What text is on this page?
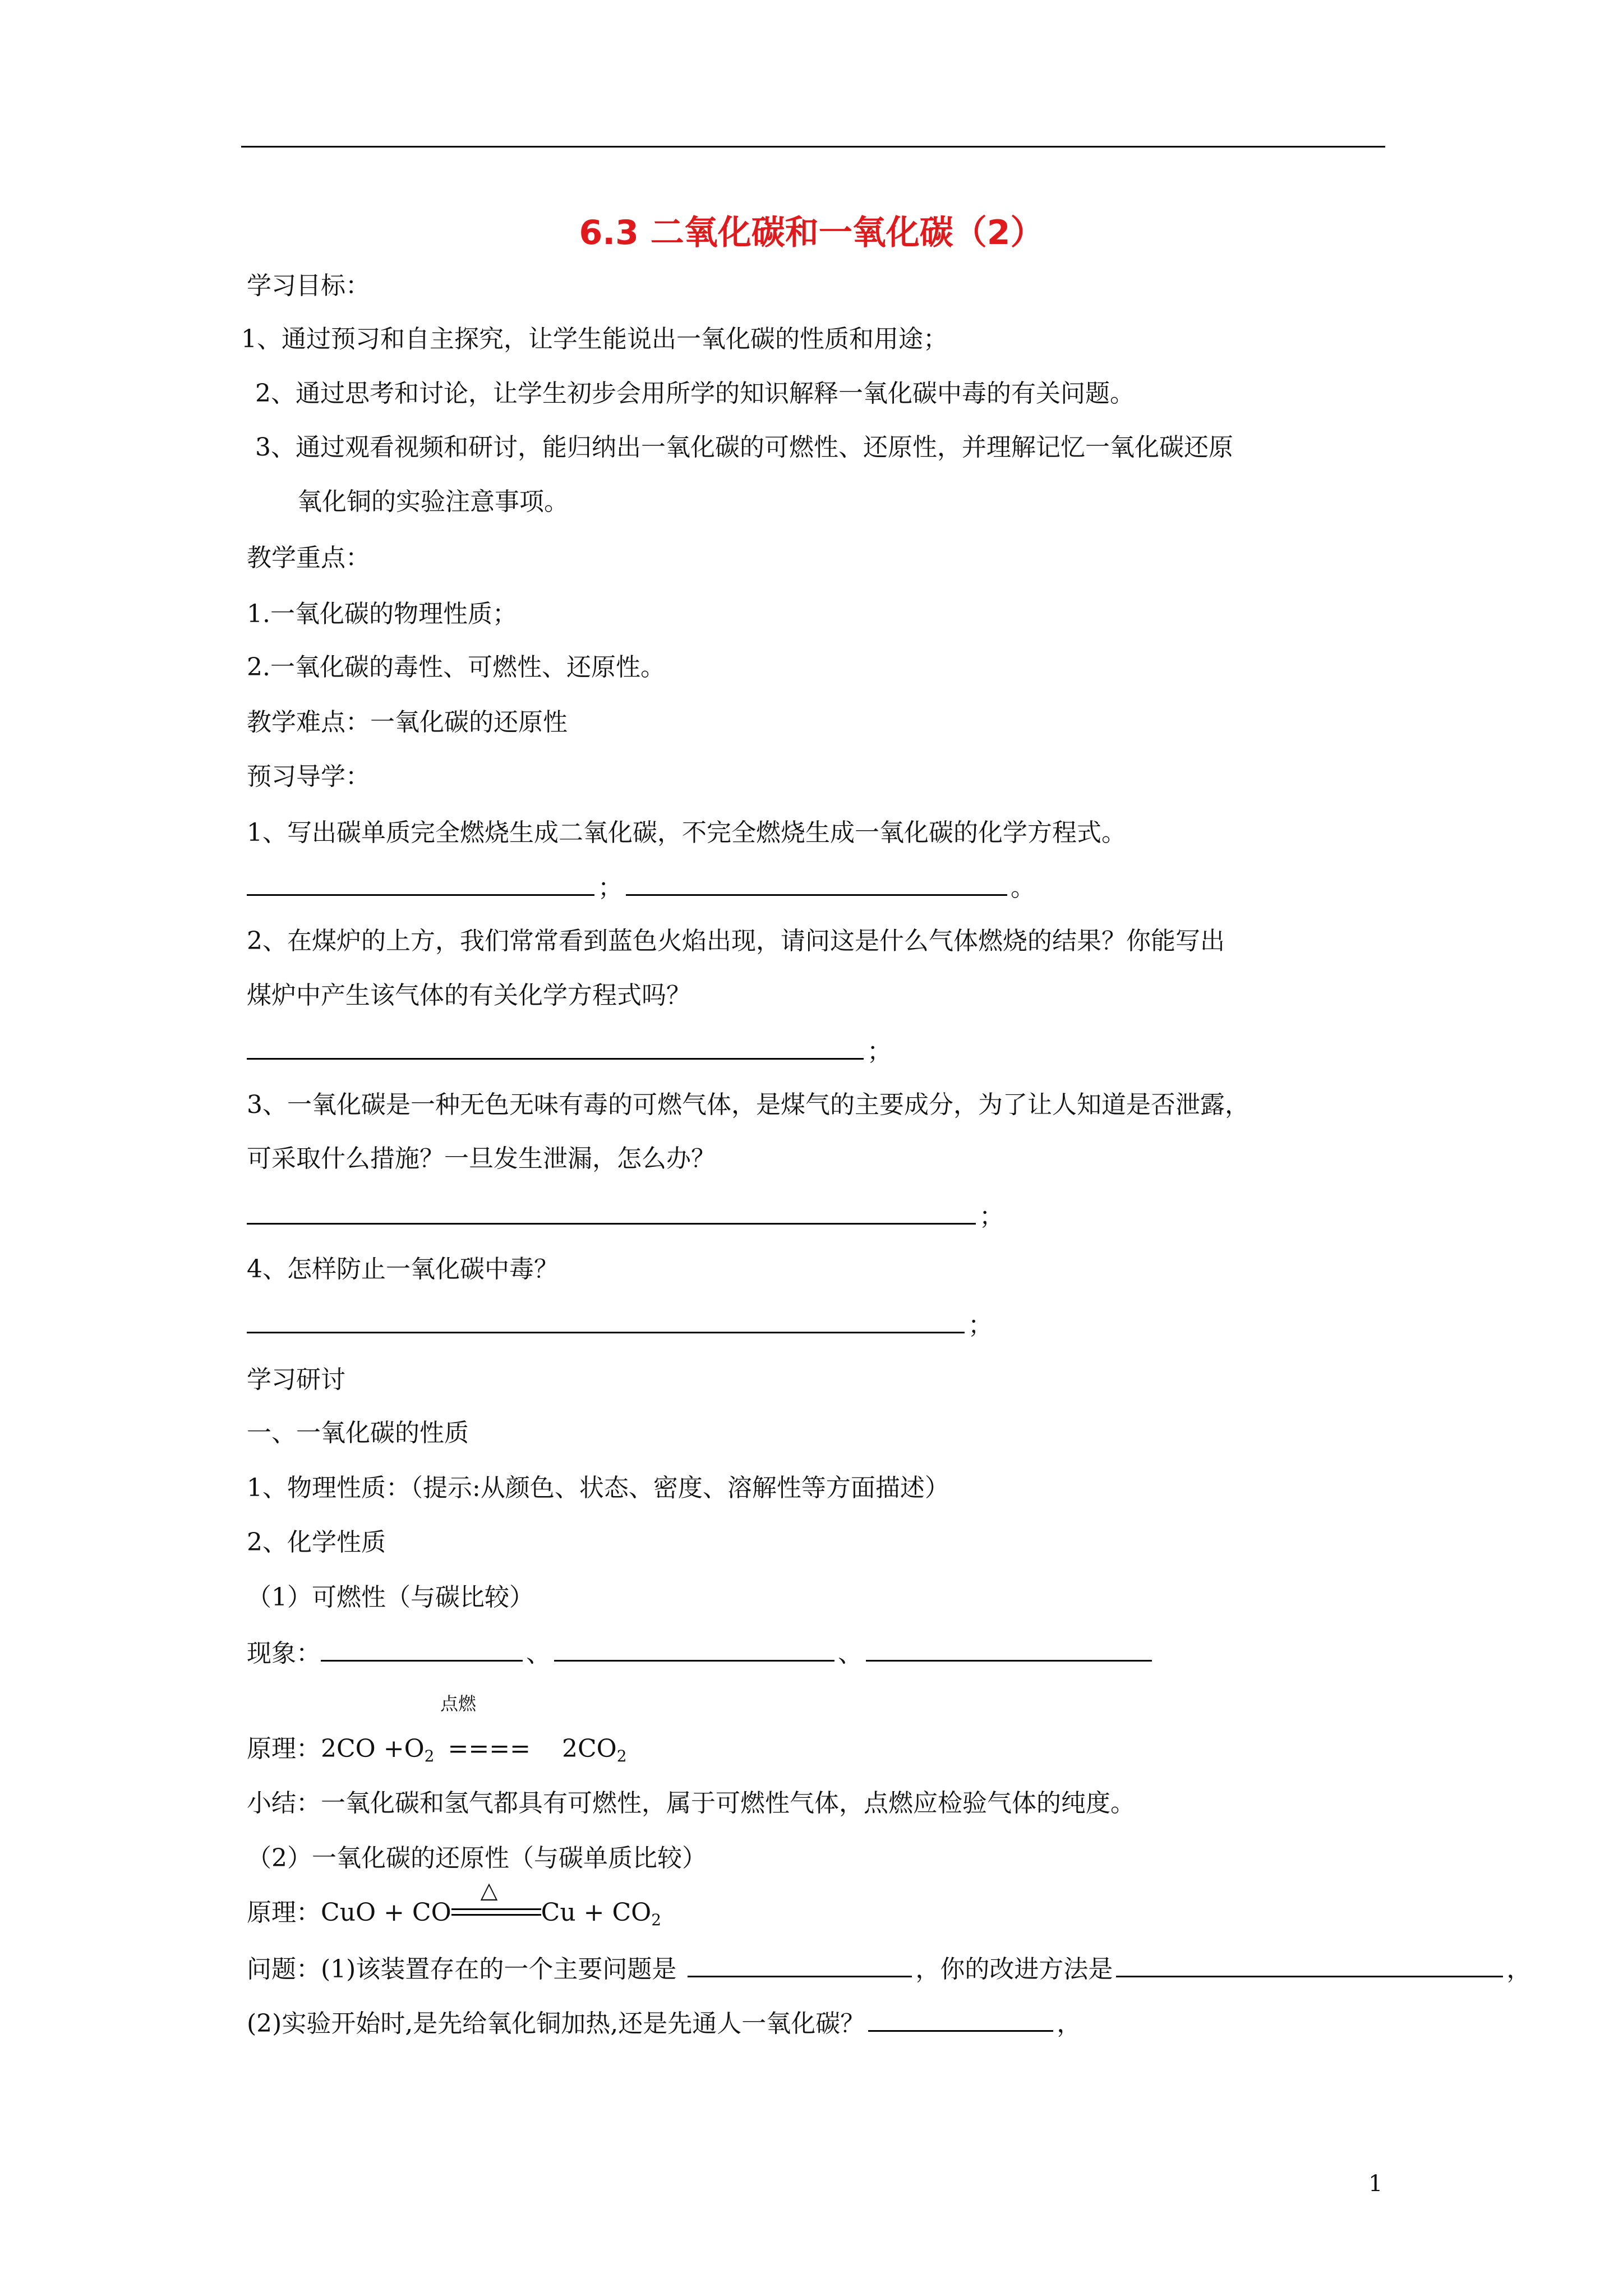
6.3 二氧化碳和一氧化碳（2）
学习目标：
1、通过预习和自主探究，让学生能说出一氧化碳的性质和用途；
2、通过思考和讨论，让学生初步会用所学的知识解释一氧化碳中毒的有关问题。
3、通过观看视频和研讨，能归纳出一氧化碳的可燃性、还原性，并理解记忆一氧化碳还原
氧化铜的实验注意事项。
教学重点：
1.一氧化碳的物理性质；
2.一氧化碳的毒性、可燃性、还原性。
教学难点：一氧化碳的还原性
预习导学：
1、写出碳单质完全燃烧生成二氧化碳，不完全燃烧生成一氧化碳的化学方程式。
；	。
2、在煤炉的上方，我们常常看到蓝色火焰出现，请问这是什么气体燃烧的结果？你能写出
煤炉中产生该气体的有关化学方程式吗？
；
3、一氧化碳是一种无色无味有毒的可燃气体，是煤气的主要成分，为了让人知道是否泄露，
可采取什么措施？一旦发生泄漏，怎么办？
；
4、怎样防止一氧化碳中毒？
；
学习研讨
一、一氧化碳的性质
1、物理性质：（提示:从颜色、状态、密度、溶解性等方面描述）
2、化学性质
（1）可燃性（与碳比较）
现象：	、	、
点燃
原理：$2CO +O_2$ ==== $2CO_2$
小结：一氧化碳和氢气都具有可燃性，属于可燃性气体，点燃应检验气体的纯度。
（2）一氧化碳的还原性（与碳单质比较）
原理：CuO + CO
△
$Cu + CO_2$
问题：(1)该装置存在的一个主要问题是	，你的改进方法是	，
(2)实验开始时,是先给氧化铜加热,还是先通人一氧化碳？	，
1
